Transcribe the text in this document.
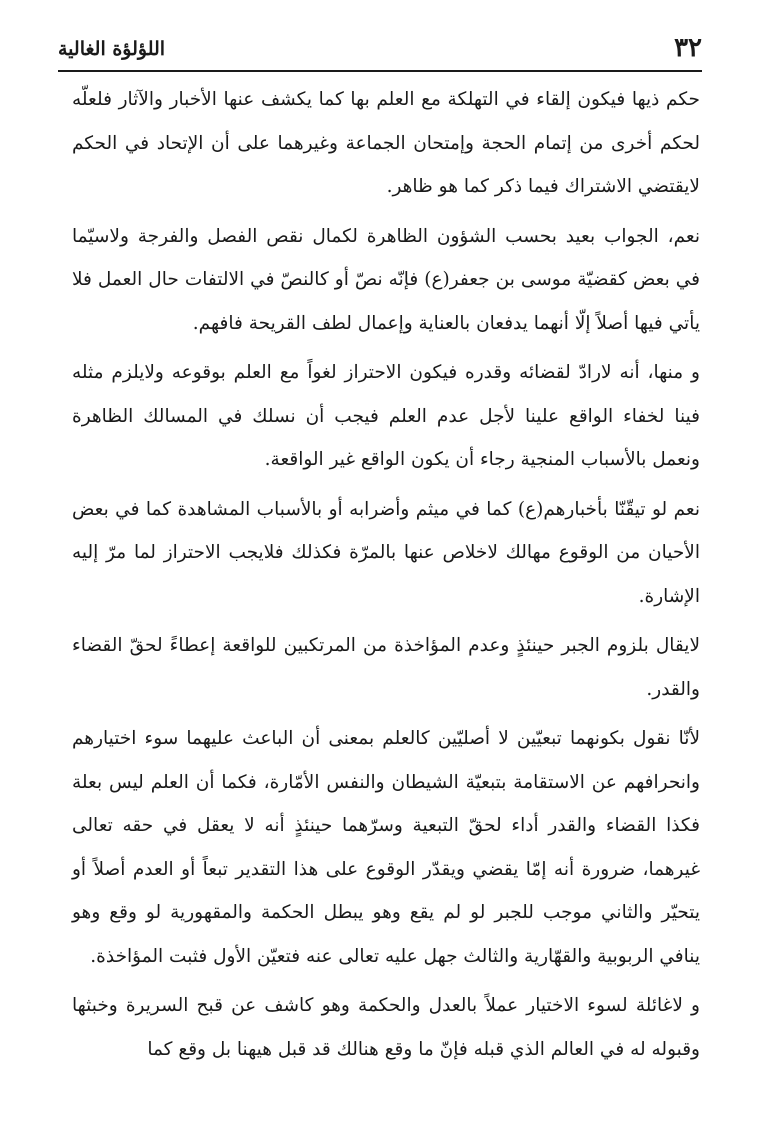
٣٢
اللؤلؤة الغالية

حكم ذيها فيكون إلقاء في التهلكة مع العلم بها كما يكشف عنها الأخبار والآثار فلعلّه لحكم أخرى من إتمام الحجة وإمتحان الجماعة وغيرهما على أن الإتحاد في الحكم لايقتضي الاشتراك فيما ذكر كما هو ظاهر.

نعم، الجواب بعيد بحسب الشؤون الظاهرة لكمال نقص الفصل والفرجة ولاسيّما في بعض كقضيّة موسى بن جعفر(ع) فإنّه نصّ أو كالنصّ في الالتفات حال العمل فلا يأتي فيها أصلاً إلّا أنهما يدفعان بالعناية وإعمال لطف القريحة فافهم.

و منها، أنه لارادّ لقضائه وقدره فيكون الاحتراز لغواً مع العلم بوقوعه ولايلزم مثله فينا لخفاء الواقع علينا لأجل عدم العلم فيجب أن نسلك في المسالك الظاهرة ونعمل بالأسباب المنجية رجاء أن يكون الواقع غير الواقعة.

نعم لو تيقّنّا بأخبارهم(ع) كما في ميثم وأضرابه أو بالأسباب المشاهدة كما في بعض الأحيان من الوقوع مهالك لاخلاص عنها بالمرّة فكذلك فلايجب الاحتراز لما مرّ إليه الإشارة.

لايقال بلزوم الجبر حينئذٍ وعدم المؤاخذة من المرتكبين للواقعة إعطاءً لحقّ القضاء والقدر.

لأنّا نقول بكونهما تبعيّين لا أصليّين كالعلم بمعنى أن الباعث عليهما سوء اختيارهم وانحرافهم عن الاستقامة بتبعيّة الشيطان والنفس الأمّارة، فكما أن العلم ليس بعلة فكذا القضاء والقدر أداء لحقّ التبعية وسرّهما حينئذٍ أنه لا يعقل في حقه تعالى غيرهما، ضرورة أنه إمّا يقضي ويقدّر الوقوع على هذا التقدير تبعاً أو العدم أصلاً أو يتحيّر والثاني موجب للجبر لو لم يقع وهو يبطل الحكمة والمقهورية لو وقع وهو ينافي الربوبية والقهّارية والثالث جهل عليه تعالى عنه فتعيّن الأول فثبت المؤاخذة.

و لاغائلة لسوء الاختيار عملاً بالعدل والحكمة وهو كاشف عن قبح السريرة وخبثها وقبوله له في العالم الذي قبله فإنّ ما وقع هنالك قد قبل هيهنا بل وقع كما
